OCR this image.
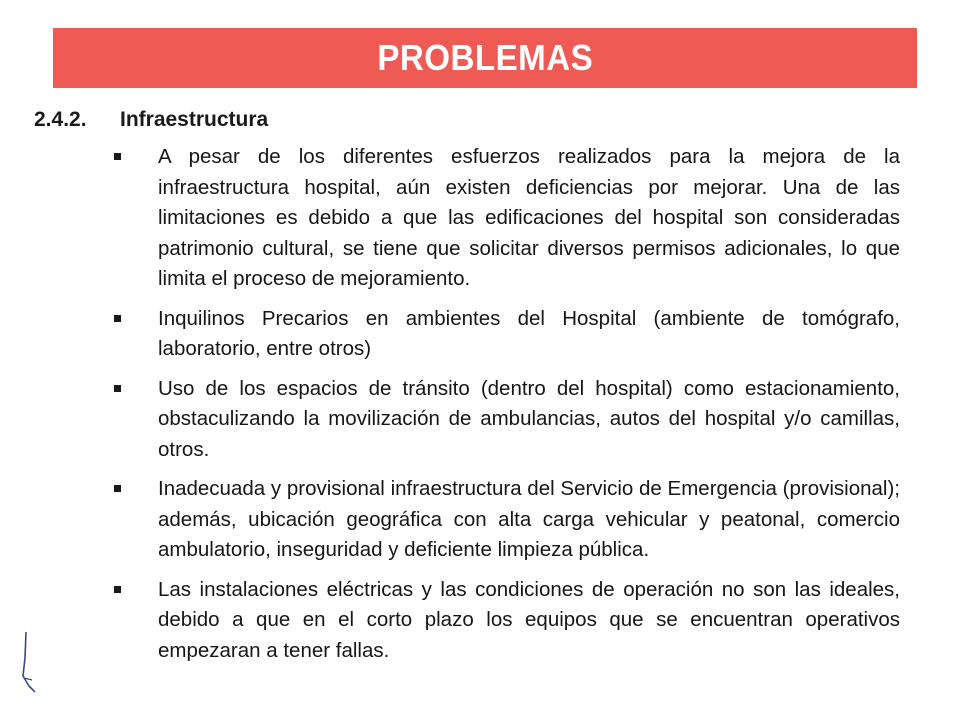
PROBLEMAS
2.4.2.	Infraestructura
A pesar de los diferentes esfuerzos realizados para la mejora de la infraestructura hospital, aún existen deficiencias por mejorar. Una de las limitaciones es debido a que las edificaciones del hospital son consideradas patrimonio cultural, se tiene que solicitar diversos permisos adicionales, lo que limita el proceso de mejoramiento.
Inquilinos Precarios en ambientes del Hospital (ambiente de tomógrafo, laboratorio, entre otros)
Uso de los espacios de tránsito (dentro del hospital) como estacionamiento, obstaculizando la movilización de ambulancias, autos del hospital y/o camillas, otros.
Inadecuada y provisional infraestructura del Servicio de Emergencia (provisional); además, ubicación geográfica con alta carga vehicular y peatonal, comercio ambulatorio, inseguridad y deficiente limpieza pública.
Las instalaciones eléctricas y las condiciones de operación no son las ideales, debido a que en el corto plazo los equipos que se encuentran operativos empezaran a tener fallas.
